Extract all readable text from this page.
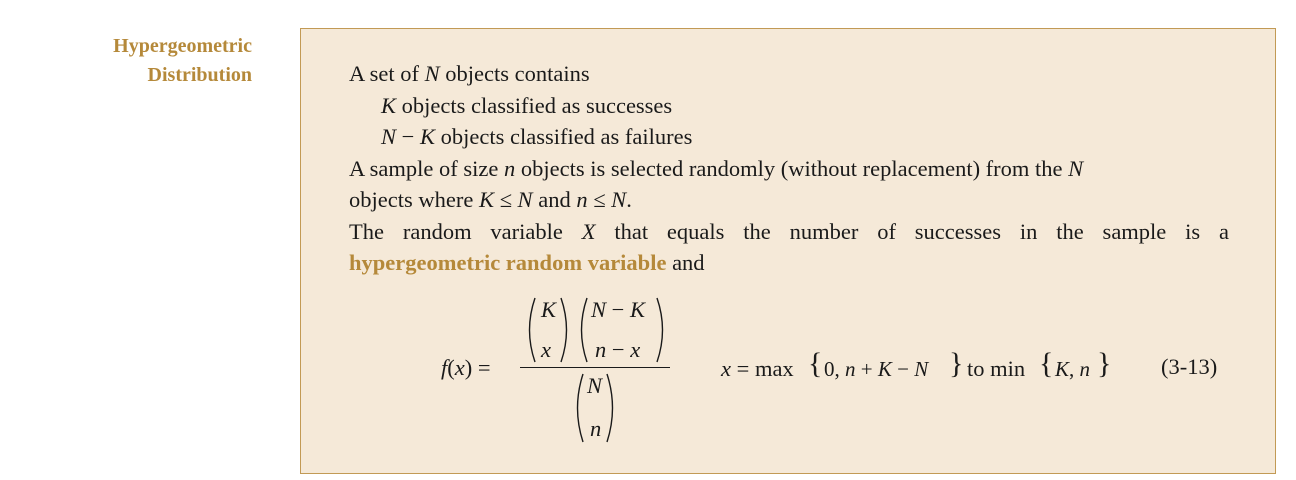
Hypergeometric
Distribution	A set of N objects contains
K objects classified as successes
N − K objects classified as failures
A sample of size n objects is selected randomly (without replacement) from the N
objects where K ≤ N and n ≤ N.
The random variable X that equals the number of successes in the sample is a
hypergeometric random variable and
f(x) =
K
x
N − K
n − x
N
n
x = max { 0, n + K − N } to min { K, n } (3-13)
